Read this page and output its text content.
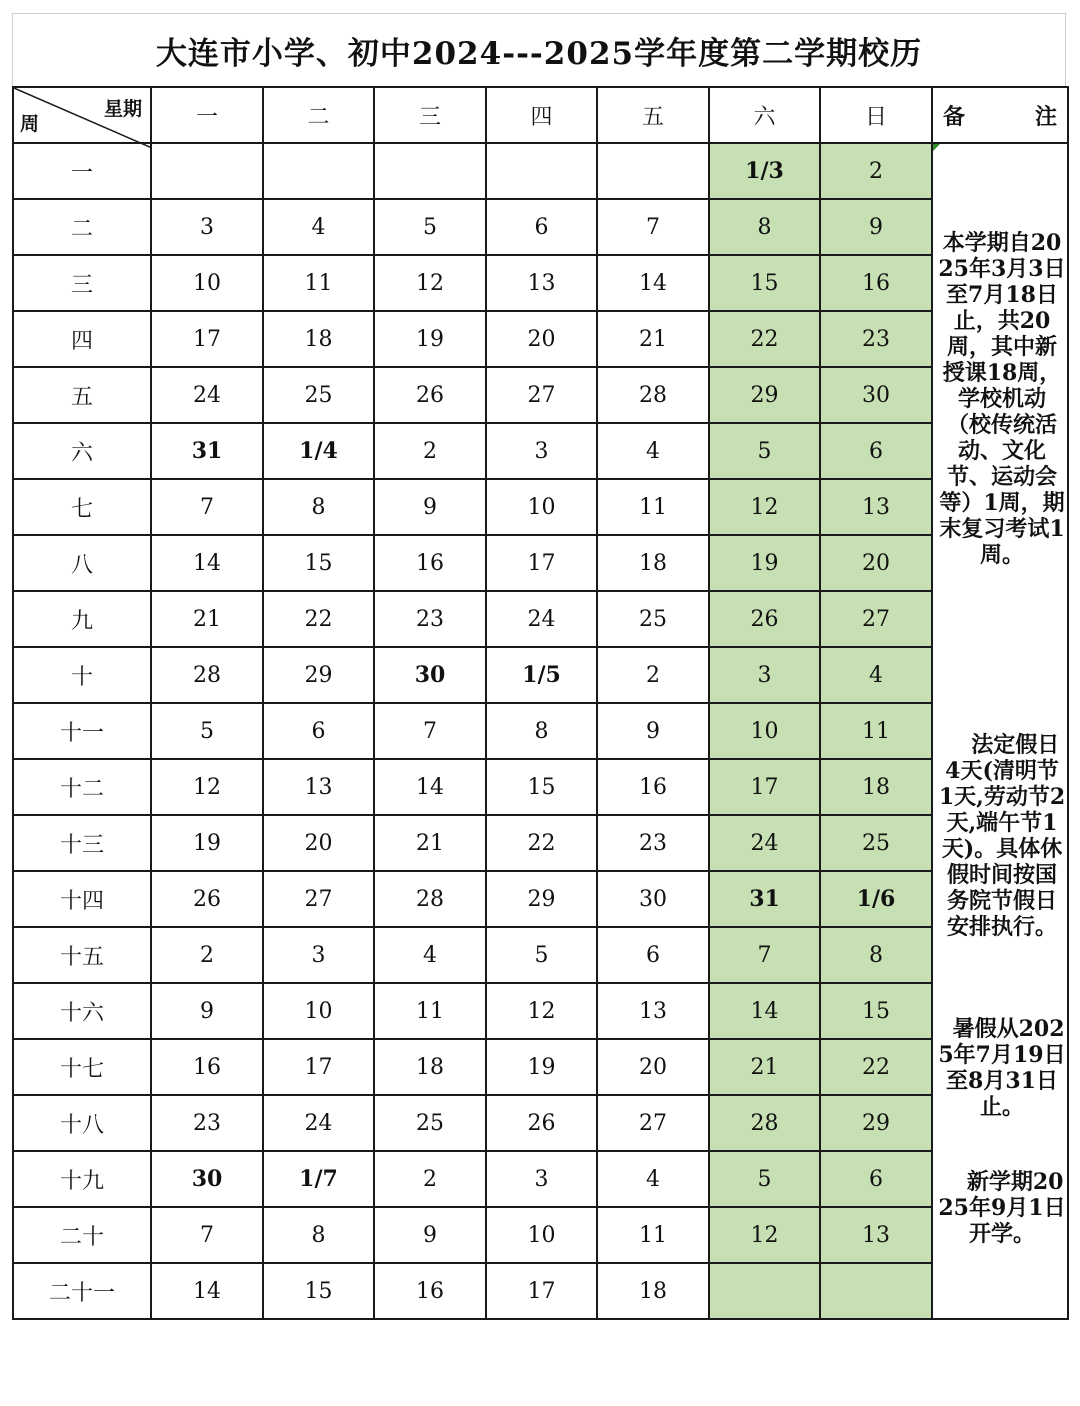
大连市小学、初中2024---2025学年度第二学期校历
星期
周	一	二	三	四	五	六	日	备 注

一						1/3	2	本学期自2025年3月3日至7月18日止，共20周，其中新授课18周，学校机动（校传统活动、文化节、运动会等）1周，期末复习考试1周。
法定假日4天(清明节1天,劳动节2天,端午节1天)。具体休假时间按国务院节假日安排执行。
暑假从2025年7月19日至8月31日止。
新学期2025年9月1日开学。

二	3	4	5	6	7	8	9	
三	10	11	12	13	14	15	16	
四	17	18	19	20	21	22	23	
五	24	25	26	27	28	29	30	
六	31	1/4	2	3	4	5	6	
七	7	8	9	10	11	12	13	
八	14	15	16	17	18	19	20	
九	21	22	23	24	25	26	27	
十	28	29	30	1/5	2	3	4	
十一	5	6	7	8	9	10	11	
十二	12	13	14	15	16	17	18	
十三	19	20	21	22	23	24	25	
十四	26	27	28	29	30	31	1/6	
十五	2	3	4	5	6	7	8	
十六	9	10	11	12	13	14	15	
十七	16	17	18	19	20	21	22	
十八	23	24	25	26	27	28	29	
十九	30	1/7	2	3	4	5	6	
二十	7	8	9	10	11	12	13	
二十一	14	15	16	17	18			
